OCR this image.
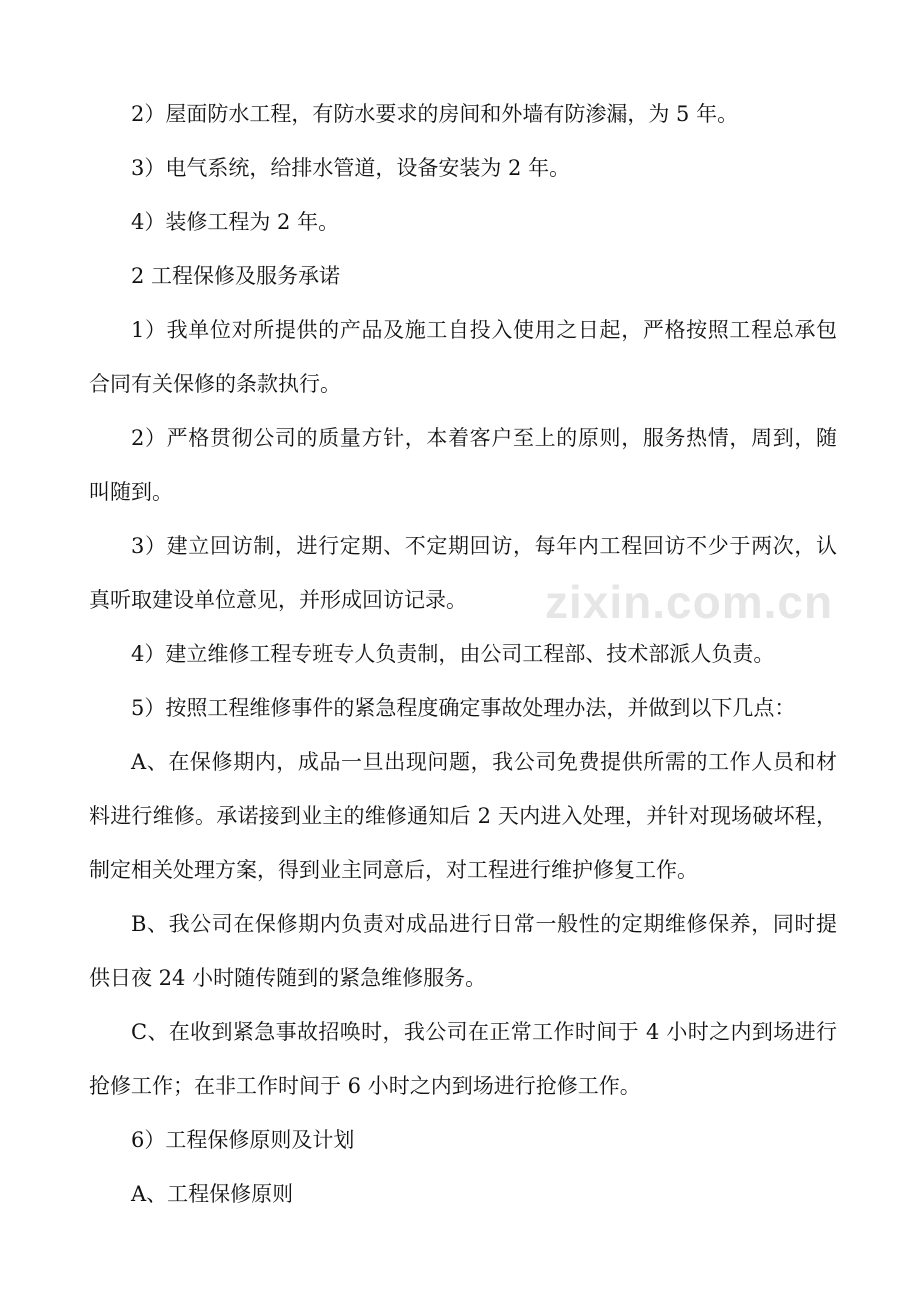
zixin.com.cn

2）屋面防水工程，有防水要求的房间和外墙有防渗漏，为 5 年。

3）电气系统，给排水管道，设备安装为 2 年。

4）装修工程为 2 年。

2 工程保修及服务承诺

1）我单位对所提供的产品及施工自投入使用之日起，严格按照工程总承包合同有关保修的条款执行。

2）严格贯彻公司的质量方针，本着客户至上的原则，服务热情，周到，随叫随到。

3）建立回访制，进行定期、不定期回访，每年内工程回访不少于两次，认真听取建设单位意见，并形成回访记录。

4）建立维修工程专班专人负责制，由公司工程部、技术部派人负责。

5）按照工程维修事件的紧急程度确定事故处理办法，并做到以下几点：

A、在保修期内，成品一旦出现问题，我公司免费提供所需的工作人员和材料进行维修。承诺接到业主的维修通知后 2 天内进入处理，并针对现场破坏程，制定相关处理方案，得到业主同意后，对工程进行维护修复工作。

B、我公司在保修期内负责对成品进行日常一般性的定期维修保养，同时提供日夜 24 小时随传随到的紧急维修服务。

C、在收到紧急事故招唤时，我公司在正常工作时间于 4 小时之内到场进行抢修工作；在非工作时间于 6 小时之内到场进行抢修工作。

6）工程保修原则及计划

A、工程保修原则
